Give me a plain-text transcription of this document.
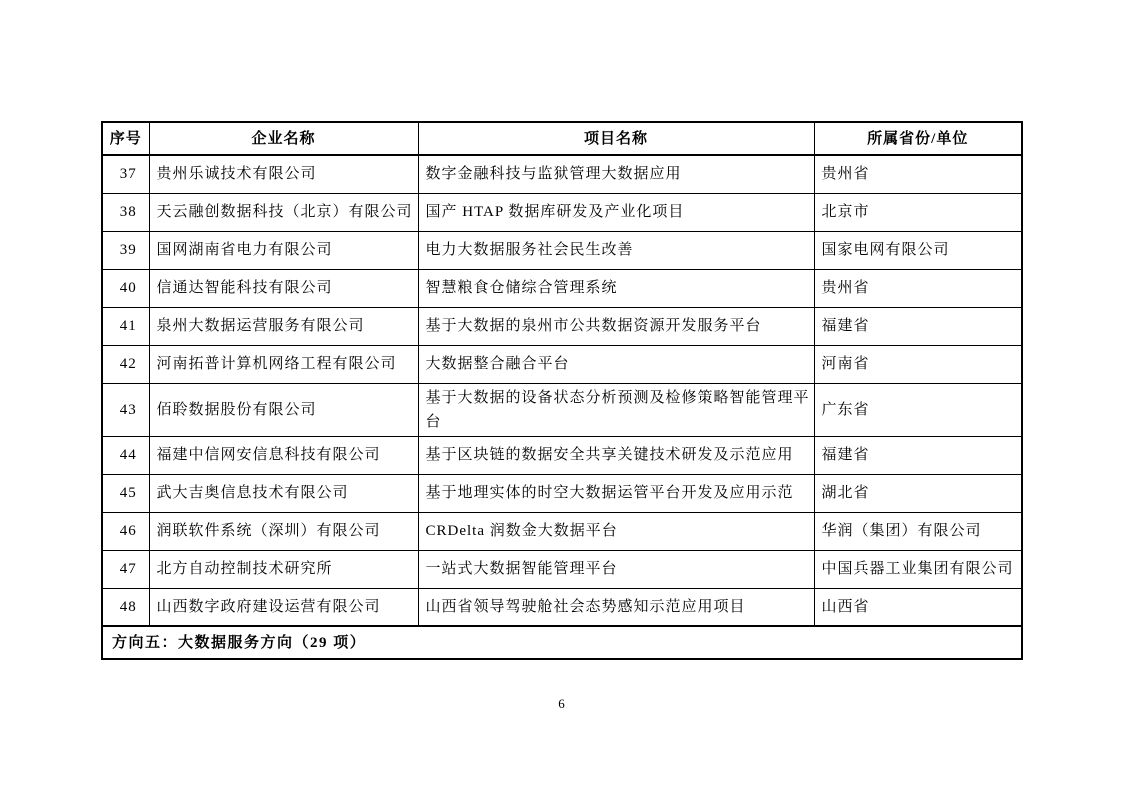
序号	企业名称	项目名称	所属省份/单位
37	贵州乐诚技术有限公司	数字金融科技与监狱管理大数据应用	贵州省
38	天云融创数据科技（北京）有限公司	国产 HTAP 数据库研发及产业化项目	北京市
39	国网湖南省电力有限公司	电力大数据服务社会民生改善	国家电网有限公司
40	信通达智能科技有限公司	智慧粮食仓储综合管理系统	贵州省
41	泉州大数据运营服务有限公司	基于大数据的泉州市公共数据资源开发服务平台	福建省
42	河南拓普计算机网络工程有限公司	大数据整合融合平台	河南省
43	佰聆数据股份有限公司	基于大数据的设备状态分析预测及检修策略智能管理平台	广东省
44	福建中信网安信息科技有限公司	基于区块链的数据安全共享关键技术研发及示范应用	福建省
45	武大吉奥信息技术有限公司	基于地理实体的时空大数据运管平台开发及应用示范	湖北省
46	润联软件系统（深圳）有限公司	CRDelta 润数金大数据平台	华润（集团）有限公司
47	北方自动控制技术研究所	一站式大数据智能管理平台	中国兵器工业集团有限公司
48	山西数字政府建设运营有限公司	山西省领导驾驶舱社会态势感知示范应用项目	山西省
方向五：大数据服务方向（29 项）			
6
